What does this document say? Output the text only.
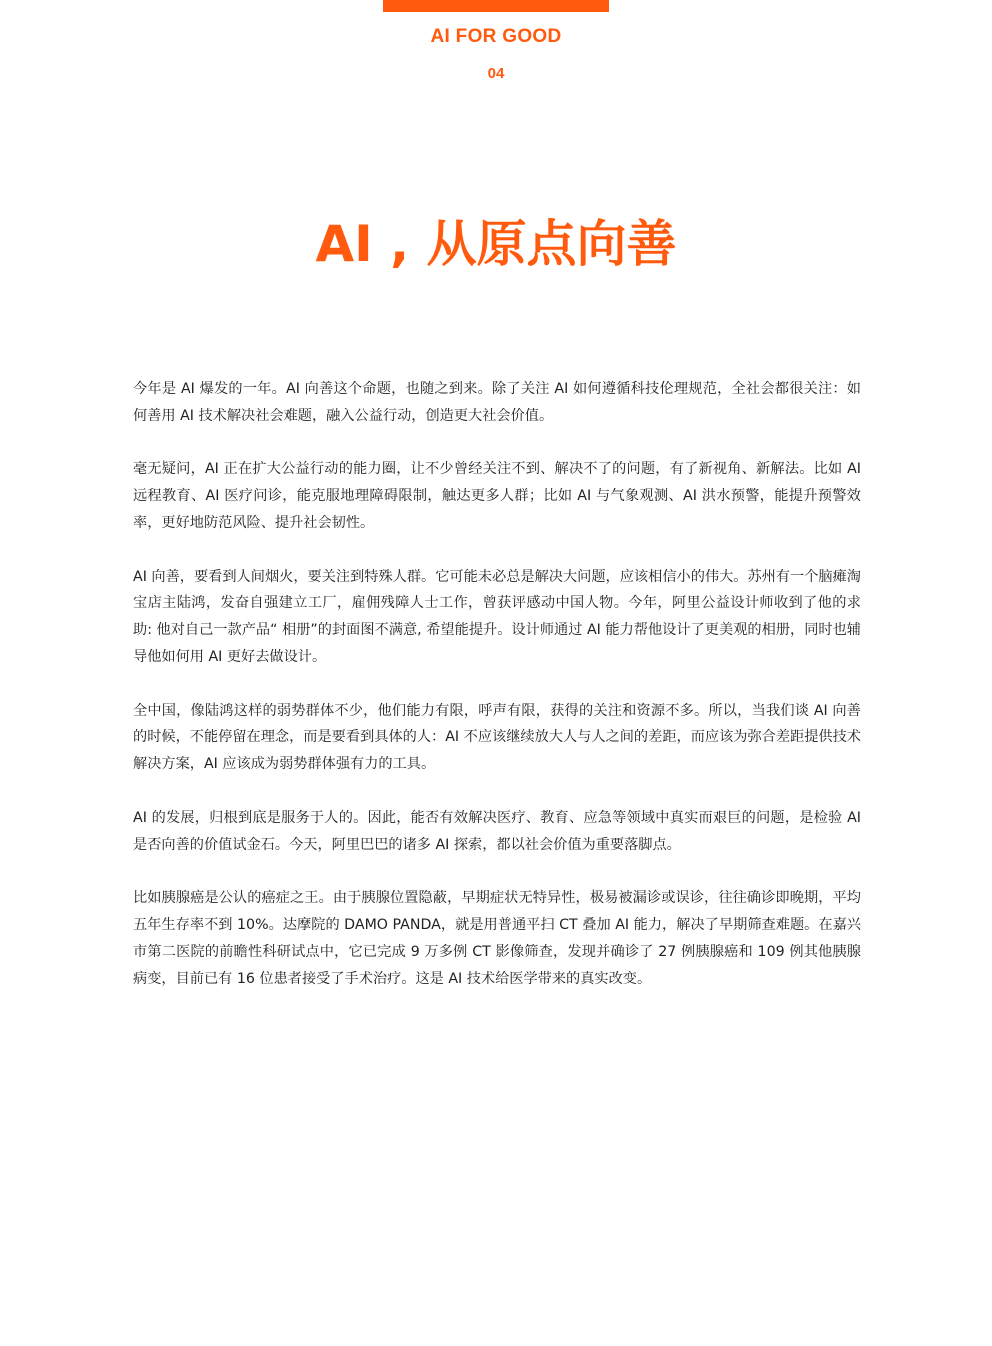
AI FOR GOOD
04
AI , 从原点向善

今年是 AI 爆发的一年。AI 向善这个命题，也随之到来。除了关注 AI 如何遵循科技伦理规范，全社会都很关注：如何善用 AI 技术解决社会难题，融入公益行动，创造更大社会价值。

毫无疑问，AI 正在扩大公益行动的能力圈，让不少曾经关注不到、解决不了的问题，有了新视角、新解法。比如 AI 远程教育、AI 医疗问诊，能克服地理障碍限制，触达更多人群；比如 AI 与气象观测、AI 洪水预警，能提升预警效率，更好地防范风险、提升社会韧性。

AI 向善，要看到人间烟火，要关注到特殊人群。它可能未必总是解决大问题，应该相信小的伟大。苏州有一个脑瘫淘宝店主陆鸿，发奋自强建立工厂，雇佣残障人士工作，曾获评感动中国人物。今年，阿里公益设计师收到了他的求助: 他对自己一款产品“ 相册”的封面图不满意, 希望能提升。设计师通过 AI 能力帮他设计了更美观的相册，同时也辅导他如何用 AI 更好去做设计。

全中国，像陆鸿这样的弱势群体不少，他们能力有限，呼声有限，获得的关注和资源不多。所以，当我们谈 AI 向善的时候，不能停留在理念，而是要看到具体的人：AI 不应该继续放大人与人之间的差距，而应该为弥合差距提供技术解决方案，AI 应该成为弱势群体强有力的工具。

AI 的发展，归根到底是服务于人的。因此，能否有效解决医疗、教育、应急等领域中真实而艰巨的问题，是检验 AI 是否向善的价值试金石。今天，阿里巴巴的诸多 AI 探索，都以社会价值为重要落脚点。

比如胰腺癌是公认的癌症之王。由于胰腺位置隐蔽，早期症状无特异性，极易被漏诊或误诊，往往确诊即晚期，平均五年生存率不到 10%。达摩院的 DAMO PANDA，就是用普通平扫 CT 叠加 AI 能力，解决了早期筛查难题。在嘉兴市第二医院的前瞻性科研试点中，它已完成 9 万多例 CT 影像筛查，发现并确诊了 27 例胰腺癌和 109 例其他胰腺病变，目前已有 16 位患者接受了手术治疗。这是 AI 技术给医学带来的真实改变。
